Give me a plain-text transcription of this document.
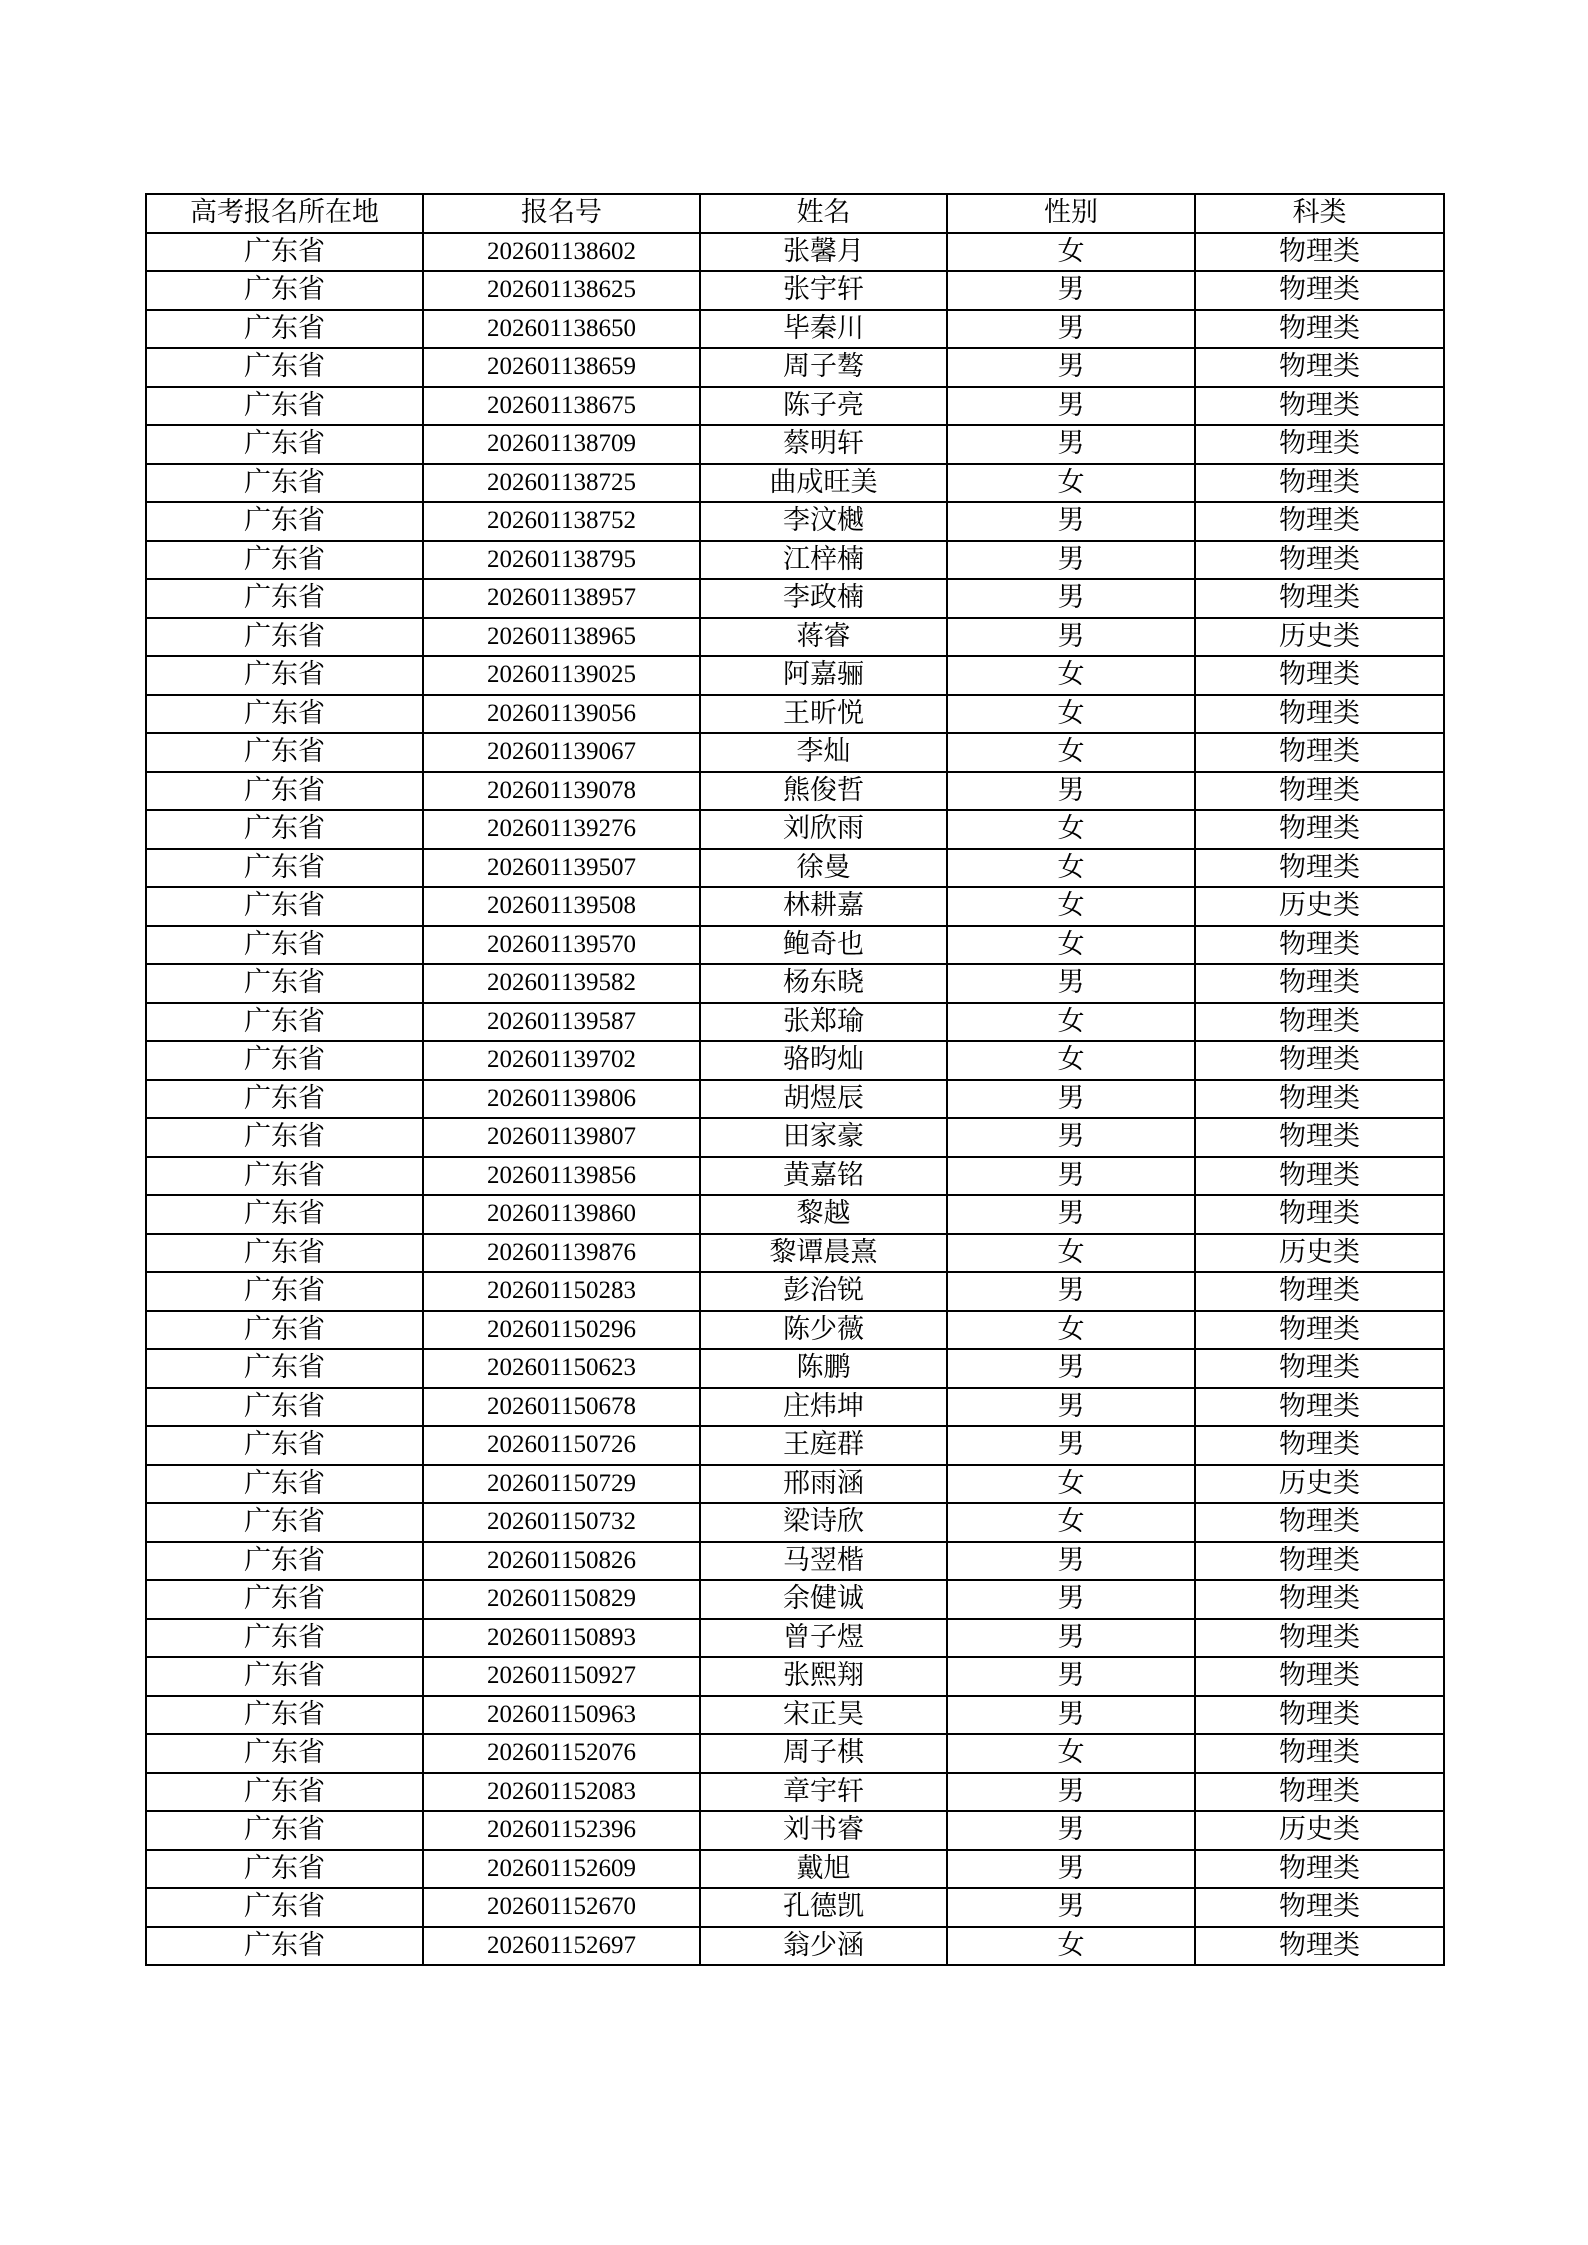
高考报名所在地	报名号	姓名	性别	科类
广东省	202601138602	张馨月	女	物理类
广东省	202601138625	张宇轩	男	物理类
广东省	202601138650	毕秦川	男	物理类
广东省	202601138659	周子骜	男	物理类
广东省	202601138675	陈子亮	男	物理类
广东省	202601138709	蔡明轩	男	物理类
广东省	202601138725	曲成旺美	女	物理类
广东省	202601138752	李汶樾	男	物理类
广东省	202601138795	江梓楠	男	物理类
广东省	202601138957	李政楠	男	物理类
广东省	202601138965	蒋睿	男	历史类
广东省	202601139025	阿嘉骊	女	物理类
广东省	202601139056	王昕悦	女	物理类
广东省	202601139067	李灿	女	物理类
广东省	202601139078	熊俊哲	男	物理类
广东省	202601139276	刘欣雨	女	物理类
广东省	202601139507	徐曼	女	物理类
广东省	202601139508	林耕嘉	女	历史类
广东省	202601139570	鲍奇也	女	物理类
广东省	202601139582	杨东晓	男	物理类
广东省	202601139587	张郑瑜	女	物理类
广东省	202601139702	骆昀灿	女	物理类
广东省	202601139806	胡煜辰	男	物理类
广东省	202601139807	田家豪	男	物理类
广东省	202601139856	黄嘉铭	男	物理类
广东省	202601139860	黎越	男	物理类
广东省	202601139876	黎谭晨熹	女	历史类
广东省	202601150283	彭治锐	男	物理类
广东省	202601150296	陈少薇	女	物理类
广东省	202601150623	陈鹏	男	物理类
广东省	202601150678	庄炜坤	男	物理类
广东省	202601150726	王庭群	男	物理类
广东省	202601150729	邢雨涵	女	历史类
广东省	202601150732	梁诗欣	女	物理类
广东省	202601150826	马翌楷	男	物理类
广东省	202601150829	余健诚	男	物理类
广东省	202601150893	曾子煜	男	物理类
广东省	202601150927	张熙翔	男	物理类
广东省	202601150963	宋正昊	男	物理类
广东省	202601152076	周子棋	女	物理类
广东省	202601152083	章宇轩	男	物理类
广东省	202601152396	刘书睿	男	历史类
广东省	202601152609	戴旭	男	物理类
广东省	202601152670	孔德凯	男	物理类
广东省	202601152697	翁少涵	女	物理类
